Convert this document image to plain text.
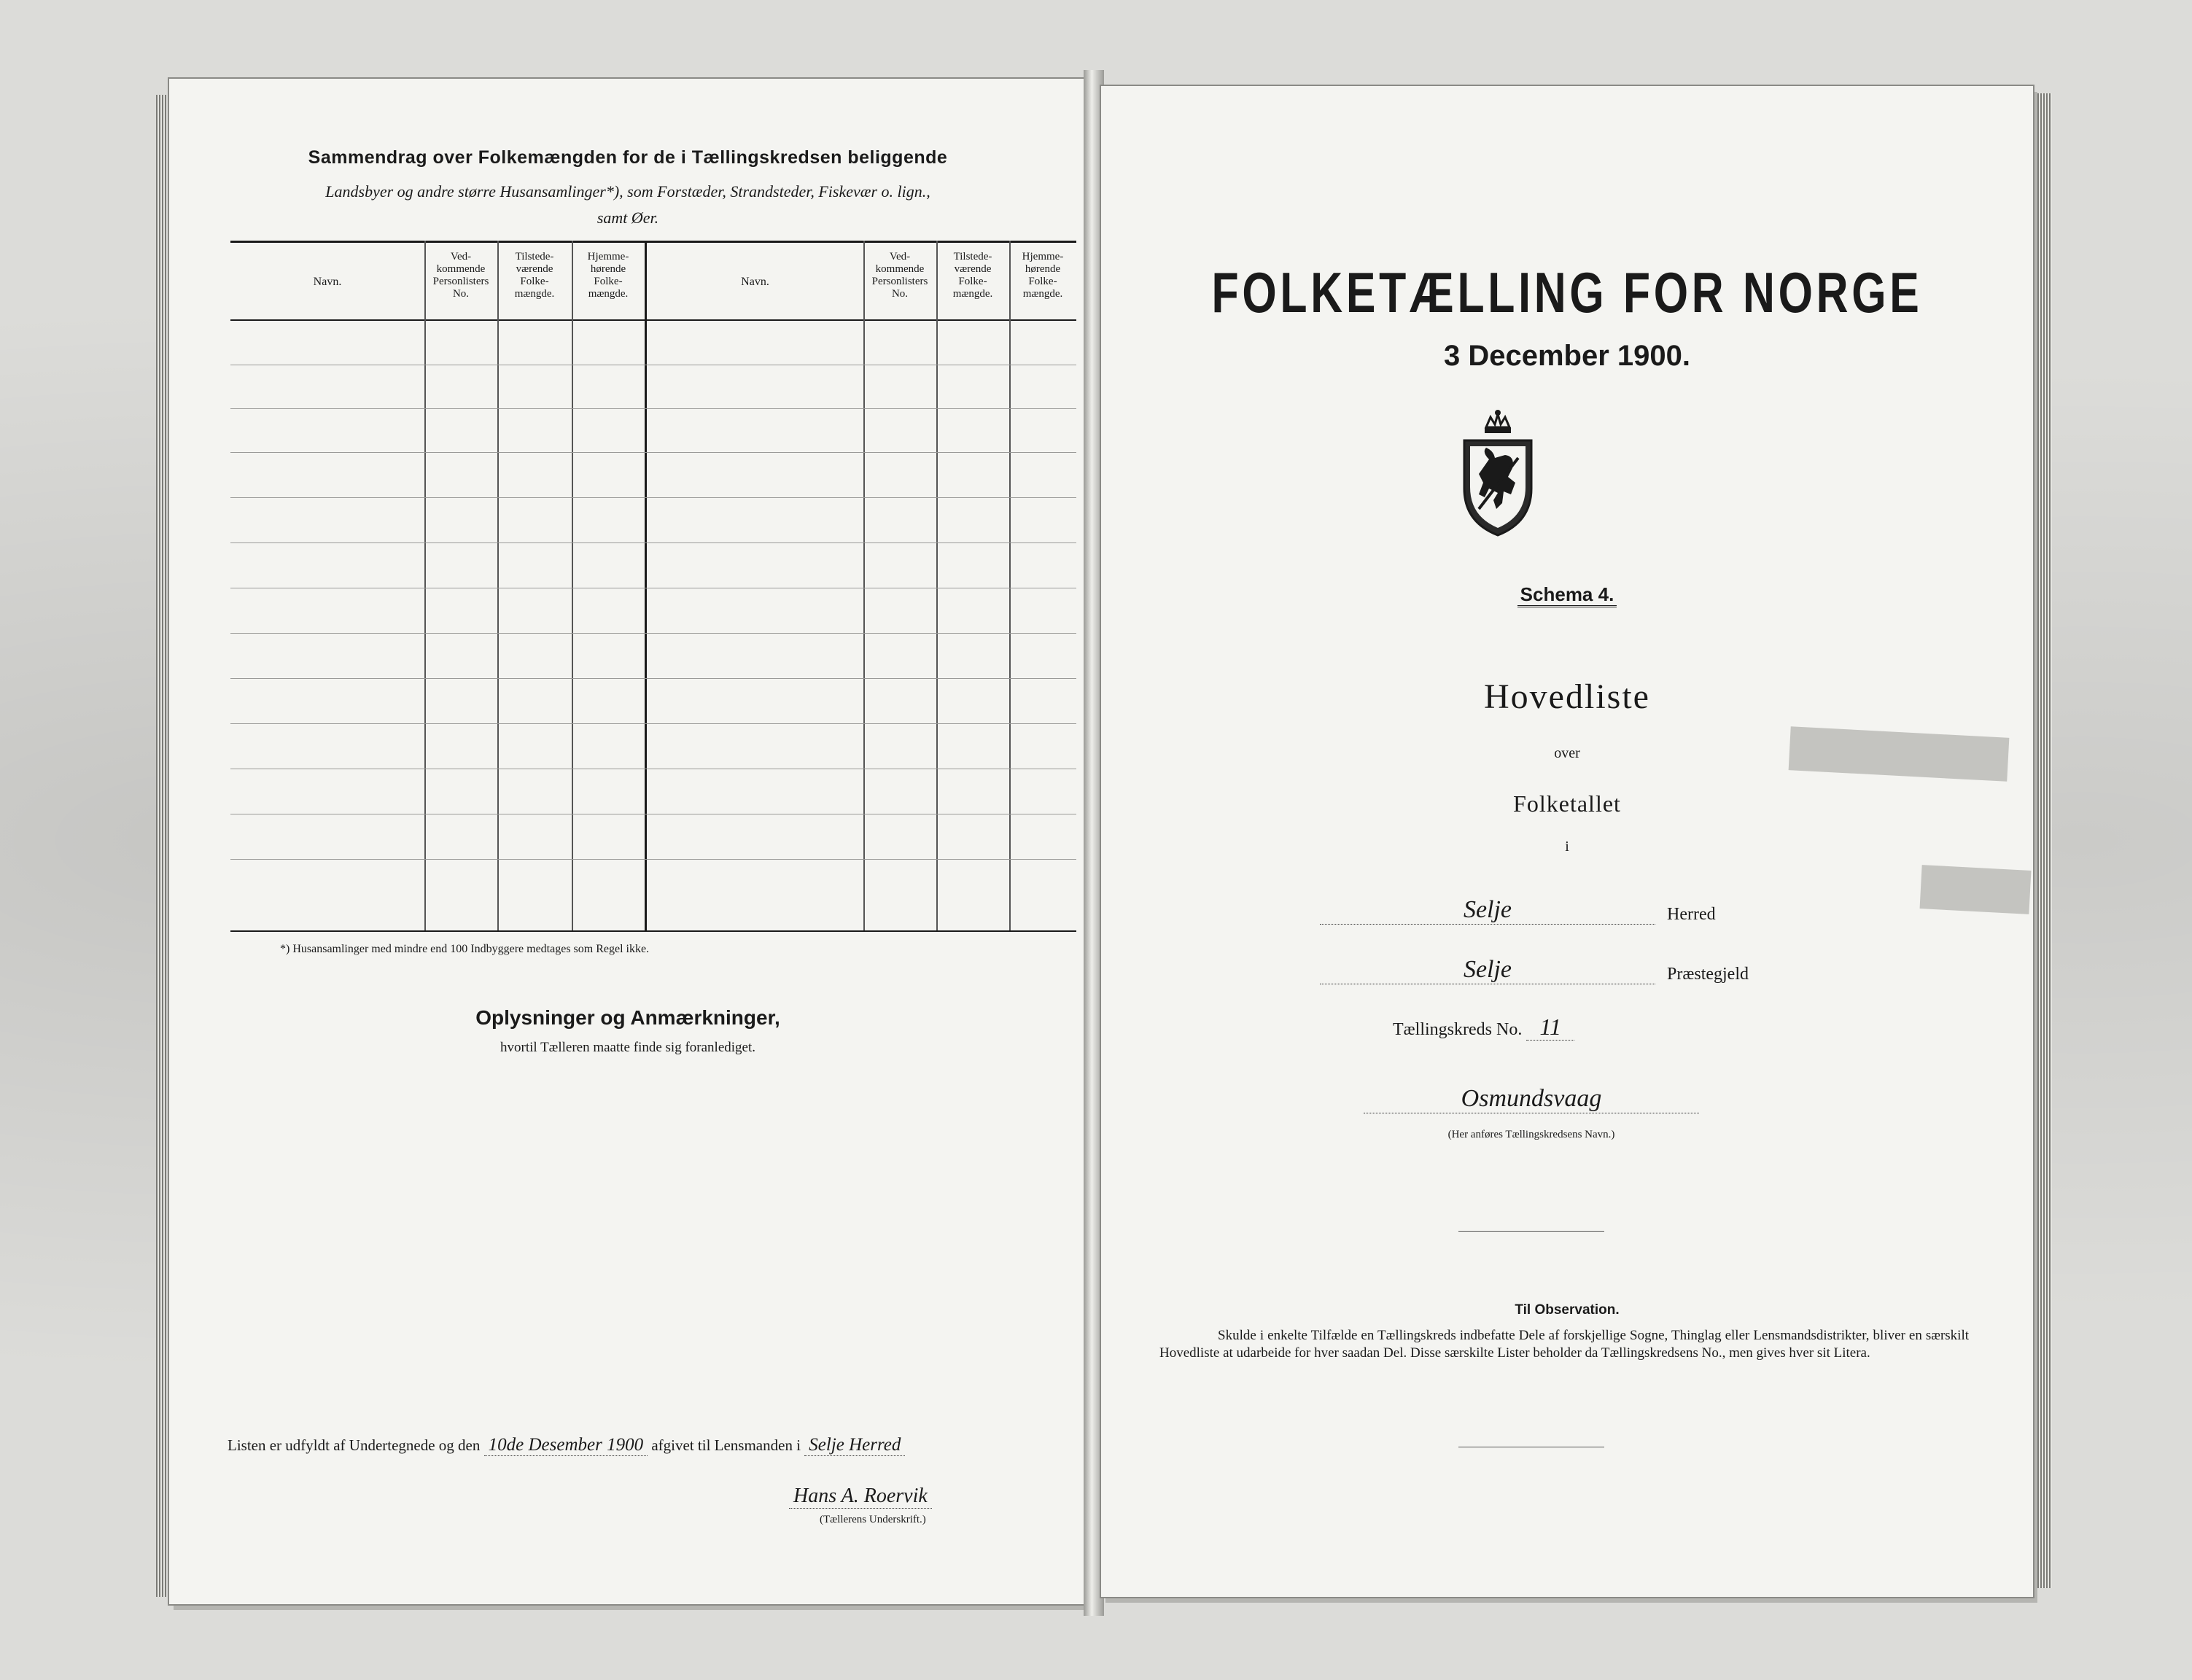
Sammendrag over Folkemængden for de i Tællingskredsen beliggende
Landsbyer og andre større Husansamlinger*), som Forstæder, Strandsteder, Fiskevær o. lign.,
samt Øer.
Navn.
Ved-
kommende
Personlisters
No.
Tilstede-
værende
Folke-
mængde.
Hjemme-
hørende
Folke-
mængde.
Navn.
Ved-
kommende
Personlisters
No.
Tilstede-
værende
Folke-
mængde.
Hjemme-
hørende
Folke-
mængde.
*) Husansamlinger med mindre end 100 Indbyggere medtages som Regel ikke.
Oplysninger og Anmærkninger,
hvortil Tælleren maatte finde sig foranlediget.
Listen er udfyldt af Undertegnede og den 10de Desember 1900 afgivet til Lensmanden i Selje Herred
Hans A. Roervik
(Tællerens Underskrift.)
FOLKETÆLLING FOR NORGE
3 December 1900.
Schema 4.
Hovedliste
over
Folketallet
i
Selje	Herred
Selje	Præstegjeld
Tællingskreds No. 11
Osmundsvaag
(Her anføres Tællingskredsens Navn.)
Til Observation.
Skulde i enkelte Tilfælde en Tællingskreds indbefatte Dele af forskjellige Sogne, Thinglag eller Lensmandsdistrikter, bliver en særskilt Hovedliste at udarbeide for hver saadan Del. Disse særskilte Lister beholder da Tællingskredsens No., men gives hver sit Litera.
